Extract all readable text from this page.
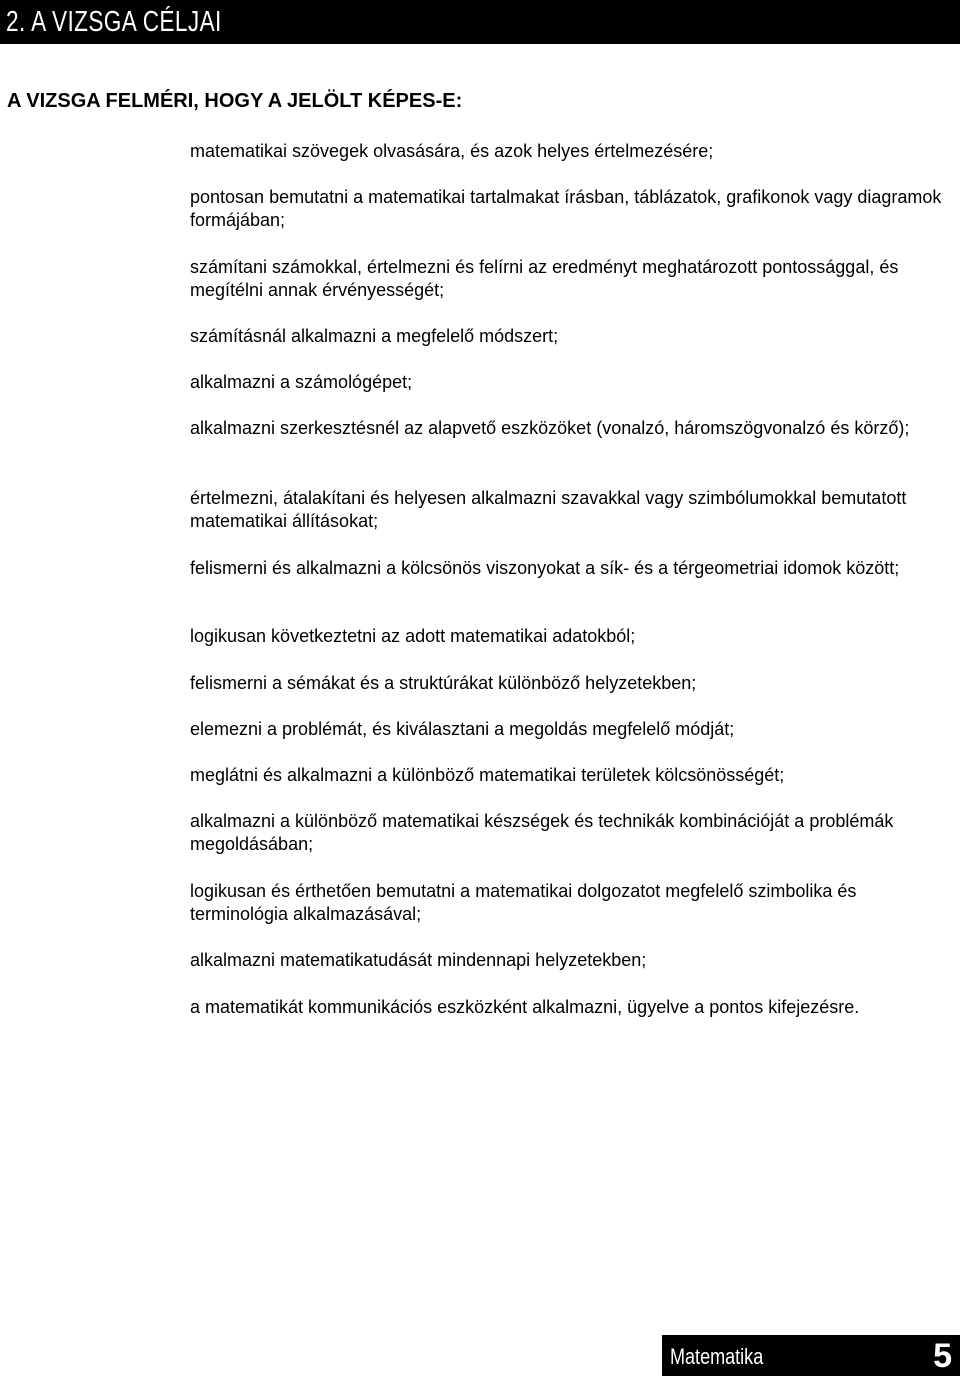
2. A VIZSGA CÉLJAI
A VIZSGA FELMÉRI, HOGY A JELÖLT KÉPES-E:
matematikai szövegek olvasására, és azok helyes értelmezésére;
pontosan bemutatni a matematikai tartalmakat írásban, táblázatok, grafikonok vagy diagramok formájában;
számítani számokkal, értelmezni és felírni az eredményt meghatározott pontossággal, és megítélni annak érvényességét;
számításnál alkalmazni a megfelelő módszert;
alkalmazni a számológépet;
alkalmazni szerkesztésnél az alapvető eszközöket (vonalzó, háromszögvonalzó és körző);
értelmezni, átalakítani és helyesen alkalmazni szavakkal vagy szimbólumokkal bemutatott matematikai állításokat;
felismerni és alkalmazni a kölcsönös viszonyokat a sík- és a térgeometriai idomok között;
logikusan következtetni az adott matematikai adatokból;
felismerni a sémákat és a struktúrákat különböző helyzetekben;
elemezni a problémát, és kiválasztani a megoldás megfelelő módját;
meglátni és alkalmazni a különböző matematikai területek kölcsönösségét;
alkalmazni a különböző matematikai készségek és technikák kombinációját a problémák megoldásában;
logikusan és érthetően bemutatni a matematikai dolgozatot megfelelő szimbolika és terminológia alkalmazásával;
alkalmazni matematikatudását mindennapi helyzetekben;
a matematikát kommunikációs eszközként alkalmazni, ügyelve a pontos kifejezésre.
Matematika	5
